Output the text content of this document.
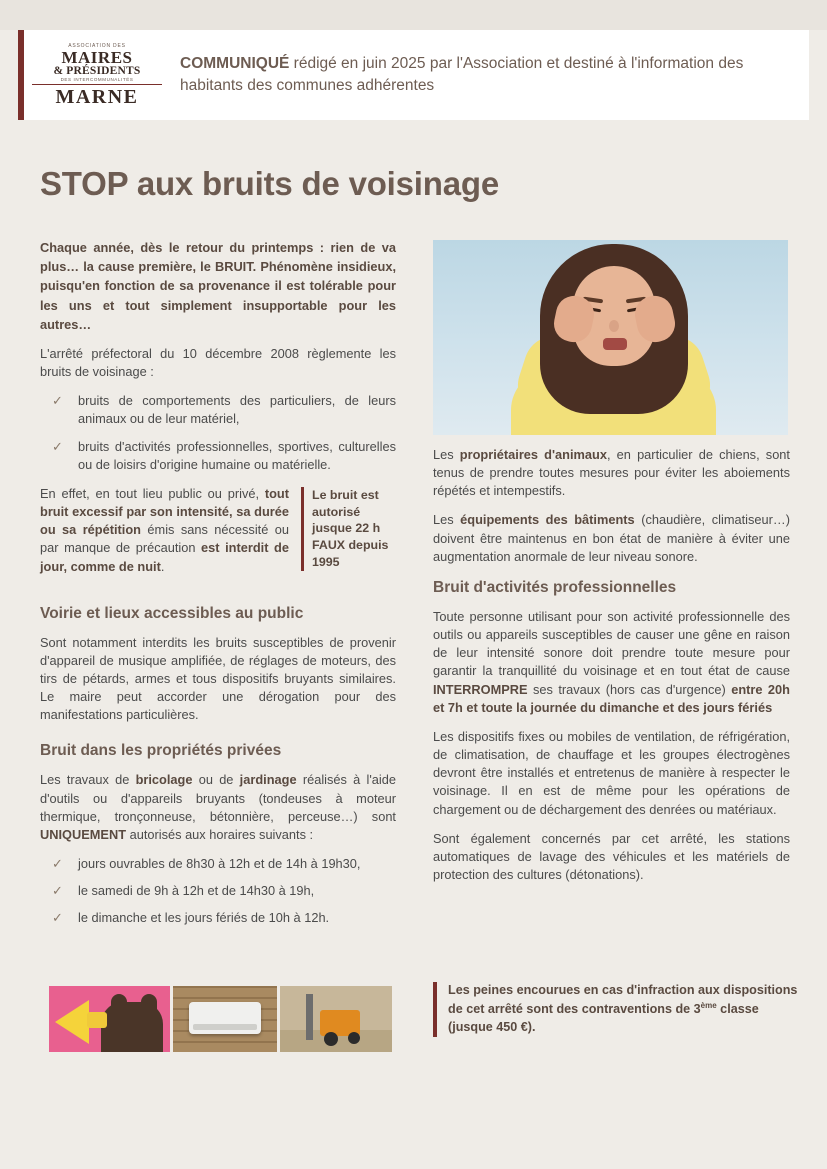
ASSOCIATION DES
MAIRES
& PRÉSIDENTS
DES INTERCOMMUNALITÉS
MARNE
COMMUNIQUÉ rédigé en juin 2025 par l'Association et destiné à l'information des habitants des communes adhérentes
STOP aux bruits de voisinage

Chaque année, dès le retour du printemps : rien de va plus… la cause première, le BRUIT. Phénomène insidieux, puisqu'en fonction de sa provenance il est tolérable pour les uns et tout simplement insupportable pour les autres…

L'arrêté préfectoral du 10 décembre 2008 règlemente les bruits de voisinage :

✓ bruits de comportements des particuliers, de leurs animaux ou de leur matériel,
✓ bruits d'activités professionnelles, sportives, culturelles ou de loisirs d'origine humaine ou matérielle.
Le bruit est autorisé jusque 22 h FAUX depuis 1995

En effet, en tout lieu public ou privé, tout bruit excessif par son intensité, sa durée ou sa répétition émis sans nécessité ou par manque de précaution est interdit de jour, comme de nuit.

Voirie et lieux accessibles au public

Sont notamment interdits les bruits susceptibles de provenir d'appareil de musique amplifiée, de réglages de moteurs, des tirs de pétards, armes et tous dispositifs bruyants similaires. Le maire peut accorder une dérogation pour des manifestations particulières.

Bruit dans les propriétés privées

Les travaux de bricolage ou de jardinage réalisés à l'aide d'outils ou d'appareils bruyants (tondeuses à moteur thermique, tronçonneuse, bétonnière, perceuse…) sont UNIQUEMENT autorisés aux horaires suivants :

✓ jours ouvrables de 8h30 à 12h et de 14h à 19h30,
✓ le samedi de 9h à 12h et de 14h30 à 19h,
✓ le dimanche et les jours fériés de 10h à 12h.

Les propriétaires d'animaux, en particulier de chiens, sont tenus de prendre toutes mesures pour éviter les aboiements répétés et intempestifs.

Les équipements des bâtiments (chaudière, climatiseur…) doivent être maintenus en bon état de manière à éviter une augmentation anormale de leur niveau sonore.

Bruit d'activités professionnelles

Toute personne utilisant pour son activité professionnelle des outils ou appareils susceptibles de causer une gêne en raison de leur intensité sonore doit prendre toute mesure pour garantir la tranquillité du voisinage et en tout état de cause INTERROMPRE ses travaux (hors cas d'urgence) entre 20h et 7h et toute la journée du dimanche et des jours fériés

Les dispositifs fixes ou mobiles de ventilation, de réfrigération, de climatisation, de chauffage et les groupes électrogènes devront être installés et entretenus de manière à respecter le voisinage. Il en est de même pour les opérations de chargement ou de déchargement des denrées ou matériaux.

Sont également concernés par cet arrêté, les stations automatiques de lavage des véhicules et les matériels de protection des cultures (détonations).

Les peines encourues en cas d'infraction aux dispositions de cet arrêté sont des contraventions de 3ème classe (jusque 450 €).
